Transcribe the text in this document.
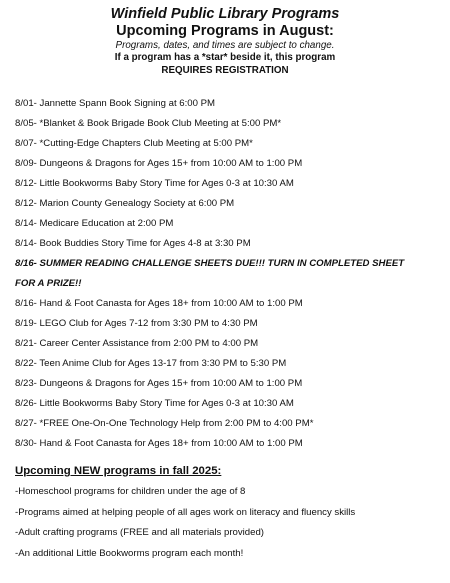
Winfield Public Library Programs
Upcoming Programs in August:
Programs, dates, and times are subject to change.
If a program has a *star* beside it, this program
REQUIRES REGISTRATION
8/01- Jannette Spann Book Signing at 6:00 PM
8/05- *Blanket & Book Brigade Book Club Meeting at 5:00 PM*
8/07- *Cutting-Edge Chapters Club Meeting at 5:00 PM*
8/09- Dungeons & Dragons for Ages 15+ from 10:00 AM to 1:00 PM
8/12- Little Bookworms Baby Story Time for Ages 0-3 at 10:30 AM
8/12- Marion County Genealogy Society at 6:00 PM
8/14- Medicare Education at 2:00 PM
8/14- Book Buddies Story Time for Ages 4-8 at 3:30 PM
8/16- SUMMER READING CHALLENGE SHEETS DUE!!! TURN IN COMPLETED SHEET
FOR A PRIZE!!
8/16- Hand & Foot Canasta for Ages 18+ from 10:00 AM to 1:00 PM
8/19- LEGO Club for Ages 7-12 from 3:30 PM to 4:30 PM
8/21- Career Center Assistance from 2:00 PM to 4:00 PM
8/22- Teen Anime Club for Ages 13-17 from 3:30 PM to 5:30 PM
8/23- Dungeons & Dragons for Ages 15+ from 10:00 AM to 1:00 PM
8/26- Little Bookworms Baby Story Time for Ages 0-3 at 10:30 AM
8/27- *FREE One-On-One Technology Help from 2:00 PM to 4:00 PM*
8/30- Hand & Foot Canasta for Ages 18+ from 10:00 AM to 1:00 PM
Upcoming NEW programs in fall 2025:
-Homeschool programs for children under the age of 8
-Programs aimed at helping people of all ages work on literacy and fluency skills
-Adult crafting programs (FREE and all materials provided)
-An additional Little Bookworms program each month!
